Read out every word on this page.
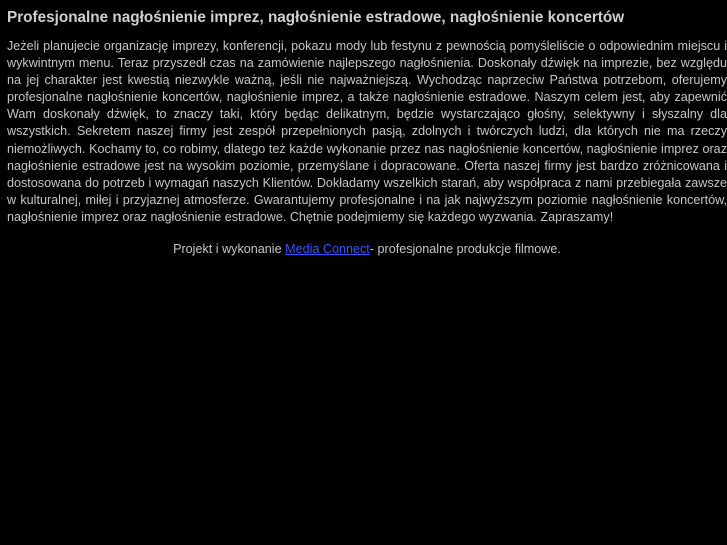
Profesjonalne nagłośnienie imprez, nagłośnienie estradowe, nagłośnienie koncertów

Jeżeli planujecie organizację imprezy, konferencji, pokazu mody lub festynu z pewnością pomyśleliście o odpowiednim miejscu i wykwintnym menu. Teraz przyszedł czas na zamówienie najlepszego nagłośnienia. Doskonały dźwięk na imprezie, bez względu na jej charakter jest kwestią niezwykle ważną, jeśli nie najważniejszą. Wychodząc naprzeciw Państwa potrzebom, oferujemy profesjonalne nagłośnienie koncertów, nagłośnienie imprez, a także nagłośnienie estradowe. Naszym celem jest, aby zapewnić Wam doskonały dźwięk, to znaczy taki, który będąc delikatnym, będzie wystarczająco głośny, selektywny i słyszalny dla wszystkich. Sekretem naszej firmy jest zespół przepełnionych pasją, zdolnych i twórczych ludzi, dla których nie ma rzeczy niemożliwych. Kochamy to, co robimy, dlatego też każde wykonanie przez nas nagłośnienie koncertów, nagłośnienie imprez oraz nagłośnienie estradowe jest na wysokim poziomie, przemyślane i dopracowane. Oferta naszej firmy jest bardzo zróżnicowana i dostosowana do potrzeb i wymagań naszych Klientów. Dokładamy wszelkich starań, aby współpraca z nami przebiegała zawsze w kulturalnej, miłej i przyjaznej atmosferze. Gwarantujemy profesjonalne i na jak najwyższym poziomie nagłośnienie koncertów, nagłośnienie imprez oraz nagłośnienie estradowe. Chętnie podejmiemy się każdego wyzwania. Zapraszamy!

Projekt i wykonanie Media Connect- profesjonalne produkcje filmowe.
